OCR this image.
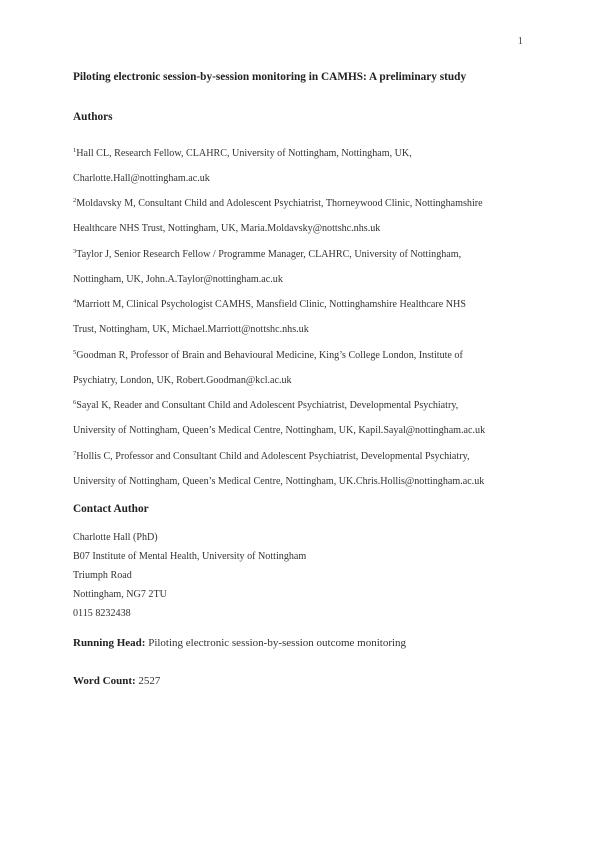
1
Piloting electronic session-by-session monitoring in CAMHS: A preliminary study
Authors
$^1$Hall CL, Research Fellow, CLAHRC, University of Nottingham, Nottingham, UK,
Charlotte.Hall@nottingham.ac.uk
$^2$Moldavsky M, Consultant Child and Adolescent Psychiatrist, Thorneywood Clinic, Nottinghamshire
Healthcare NHS Trust, Nottingham, UK, Maria.Moldavsky@nottshc.nhs.uk
$^3$Taylor J, Senior Research Fellow / Programme Manager, CLAHRC, University of Nottingham,
Nottingham, UK, John.A.Taylor@nottingham.ac.uk
$^4$Marriott M, Clinical Psychologist CAMHS, Mansfield Clinic, Nottinghamshire Healthcare NHS
Trust, Nottingham, UK, Michael.Marriott@nottshc.nhs.uk
$^5$Goodman R, Professor of Brain and Behavioural Medicine, King’s College London, Institute of
Psychiatry, London, UK, Robert.Goodman@kcl.ac.uk
$^6$Sayal K, Reader and Consultant Child and Adolescent Psychiatrist, Developmental Psychiatry,
University of Nottingham, Queen’s Medical Centre, Nottingham, UK, Kapil.Sayal@nottingham.ac.uk
$^7$Hollis C, Professor and Consultant Child and Adolescent Psychiatrist, Developmental Psychiatry,
University of Nottingham, Queen’s Medical Centre, Nottingham, UK.Chris.Hollis@nottingham.ac.uk
Contact Author
Charlotte Hall (PhD)
B07 Institute of Mental Health, University of Nottingham
Triumph Road
Nottingham, NG7 2TU
0115 8232438
Running Head: Piloting electronic session-by-session outcome monitoring
Word Count: 2527
